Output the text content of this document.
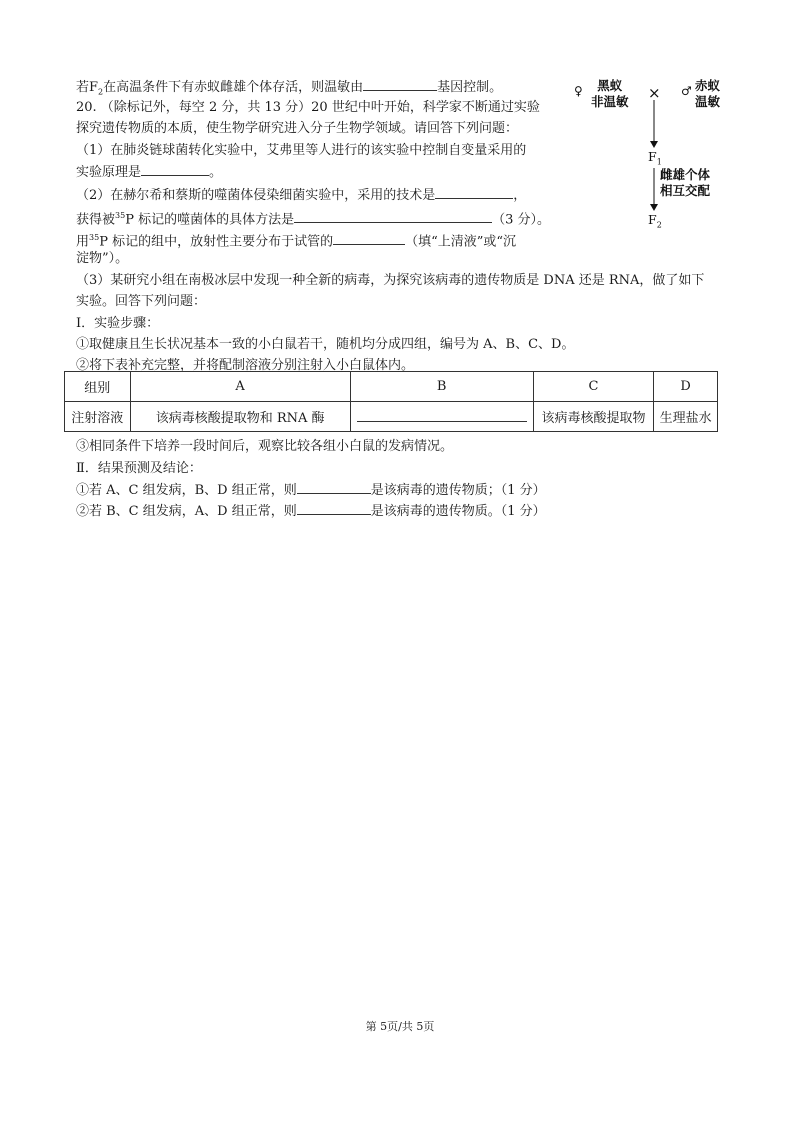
若$F_2$在高温条件下有赤蚁雌雄个体存活，则温敏由	基因控制。
20. （除标记外，每空 2 分，共 13 分）20 世纪中叶开始，科学家不断通过实验
探究遗传物质的本质，使生物学研究进入分子生物学领域。请回答下列问题：
（1）在肺炎链球菌转化实验中，艾弗里等人进行的该实验中控制自变量采用的
实验原理是	。
（2）在赫尔希和蔡斯的噬菌体侵染细菌实验中，采用的技术是	，
获得被$^{35}$P 标记的噬菌体的具体方法是	（3 分）。
用$^{35}$P 标记的组中，放射性主要分布于试管的	（填“上清液”或“沉
淀物”）。
（3）某研究小组在南极冰层中发现一种全新的病毒，为探究该病毒的遗传物质是 DNA 还是 RNA，做了如下
实验。回答下列问题：
Ⅰ．实验步骤：
①取健康且生长状况基本一致的小白鼠若干，随机均分成四组，编号为 A、B、C、D。
②将下表补充完整，并将配制溶液分别注射入小白鼠体内。
组别	A	B	C	D
注射溶液	该病毒核酸提取物和 RNA 酶		该病毒核酸提取物	生理盐水
③相同条件下培养一段时间后，观察比较各组小白鼠的发病情况。
Ⅱ．结果预测及结论：
①若 A、C 组发病，B、D 组正常，则	是该病毒的遗传物质；（1 分）
②若 B、C 组发病，A、D 组正常，则	是该病毒的遗传物质。（1 分）
♀	黑蚁
非温敏 × ♂ 赤蚁
温敏
$F_1$
雌雄个体
相互交配
$F_2$
第 5页/共 5页
